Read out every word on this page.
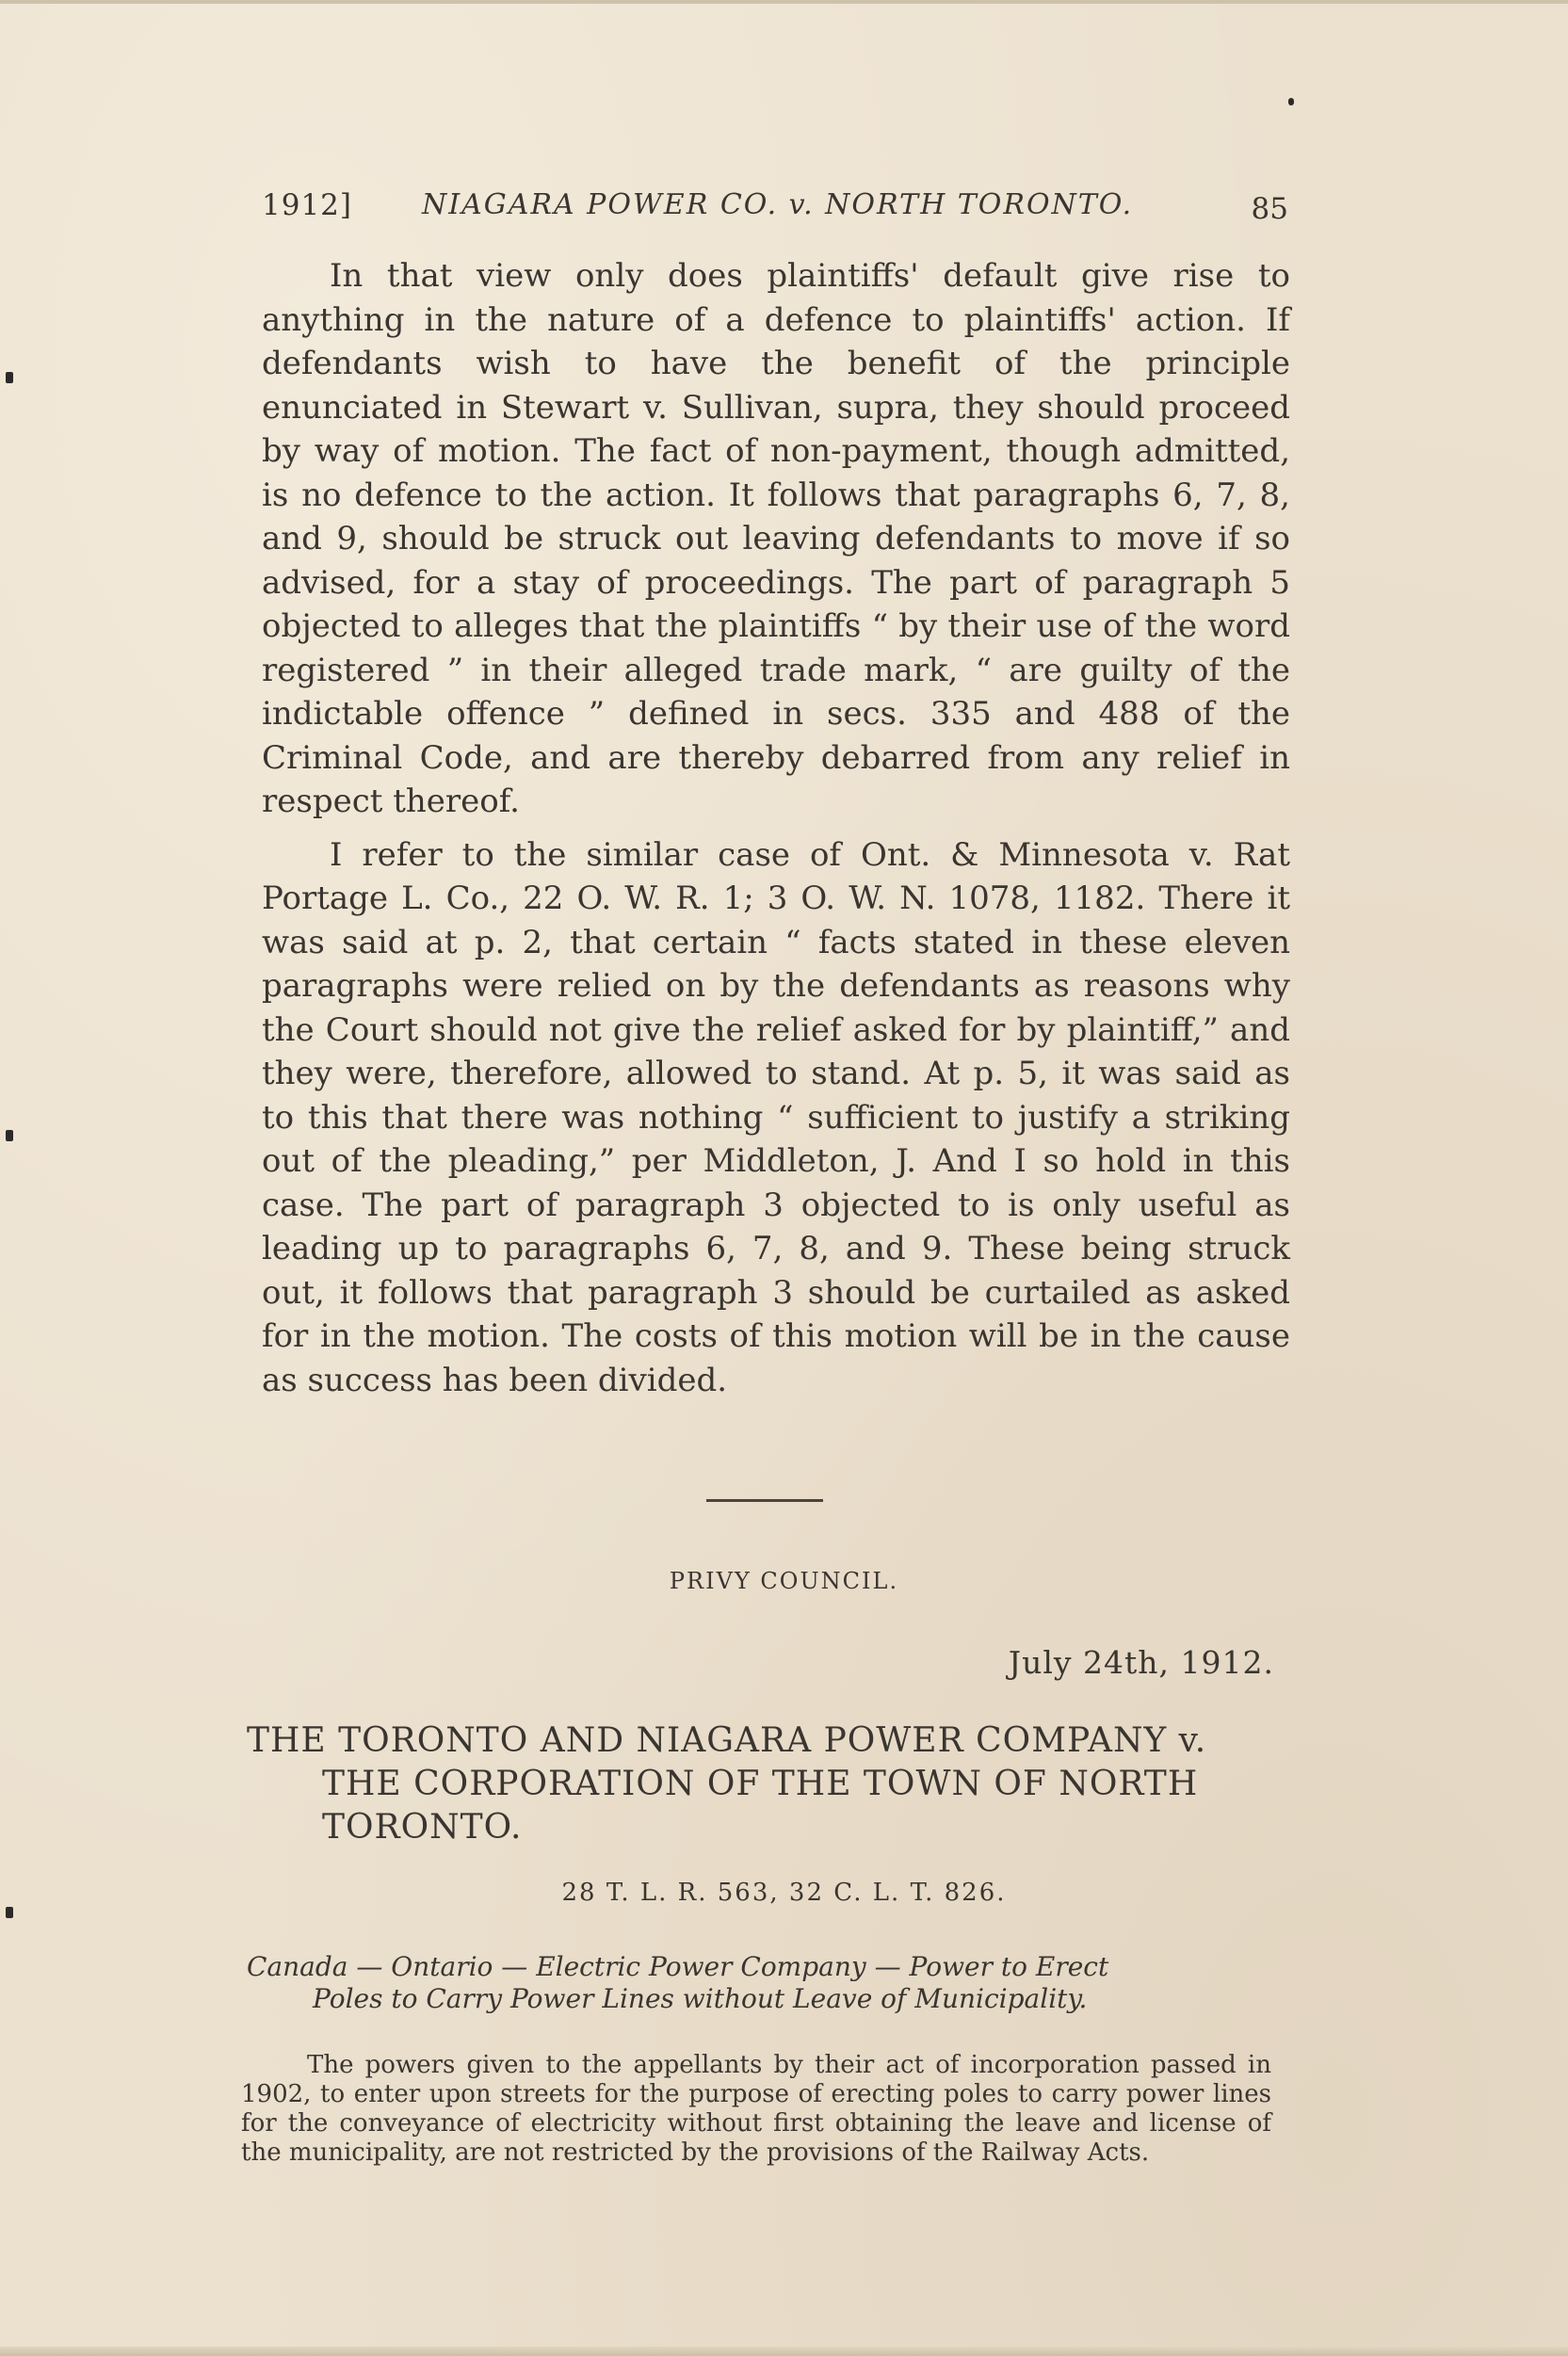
1912] NIAGARA POWER CO. v. NORTH TORONTO.	85

In that view only does plaintiffs' default give rise to anything in the nature of a defence to plaintiffs' action. If defendants wish to have the benefit of the principle enunciated in Stewart v. Sullivan, supra, they should proceed by way of motion. The fact of non-payment, though admitted, is no defence to the action. It follows that paragraphs 6, 7, 8, and 9, should be struck out leaving defendants to move if so advised, for a stay of proceedings. The part of paragraph 5 objected to alleges that the plaintiffs “ by their use of the word registered ” in their alleged trade mark, “ are guilty of the indictable offence ” defined in secs. 335 and 488 of the Criminal Code, and are thereby debarred from any relief in respect thereof.

I refer to the similar case of Ont. & Minnesota v. Rat Portage L. Co., 22 O. W. R. 1; 3 O. W. N. 1078, 1182. There it was said at p. 2, that certain “ facts stated in these eleven paragraphs were relied on by the defendants as reasons why the Court should not give the relief asked for by plaintiff,” and they were, therefore, allowed to stand. At p. 5, it was said as to this that there was nothing “ sufficient to justify a striking out of the pleading,” per Middleton, J. And I so hold in this case. The part of paragraph 3 objected to is only useful as leading up to paragraphs 6, 7, 8, and 9. These being struck out, it follows that paragraph 3 should be curtailed as asked for in the motion. The costs of this motion will be in the cause as success has been divided.

PRIVY COUNCIL.
July 24th, 1912.
THE TORONTO AND NIAGARA POWER COMPANY v.
THE CORPORATION OF THE TOWN OF NORTH
TORONTO.
28 T. L. R. 563, 32 C. L. T. 826.
Canada — Ontario — Electric Power Company — Power to Erect
Poles to Carry Power Lines without Leave of Municipality.
The powers given to the appellants by their act of incorporation passed in 1902, to enter upon streets for the purpose of erecting poles to carry power lines for the conveyance of electricity without first obtaining the leave and license of the municipality, are not restricted by the provisions of the Railway Acts.
